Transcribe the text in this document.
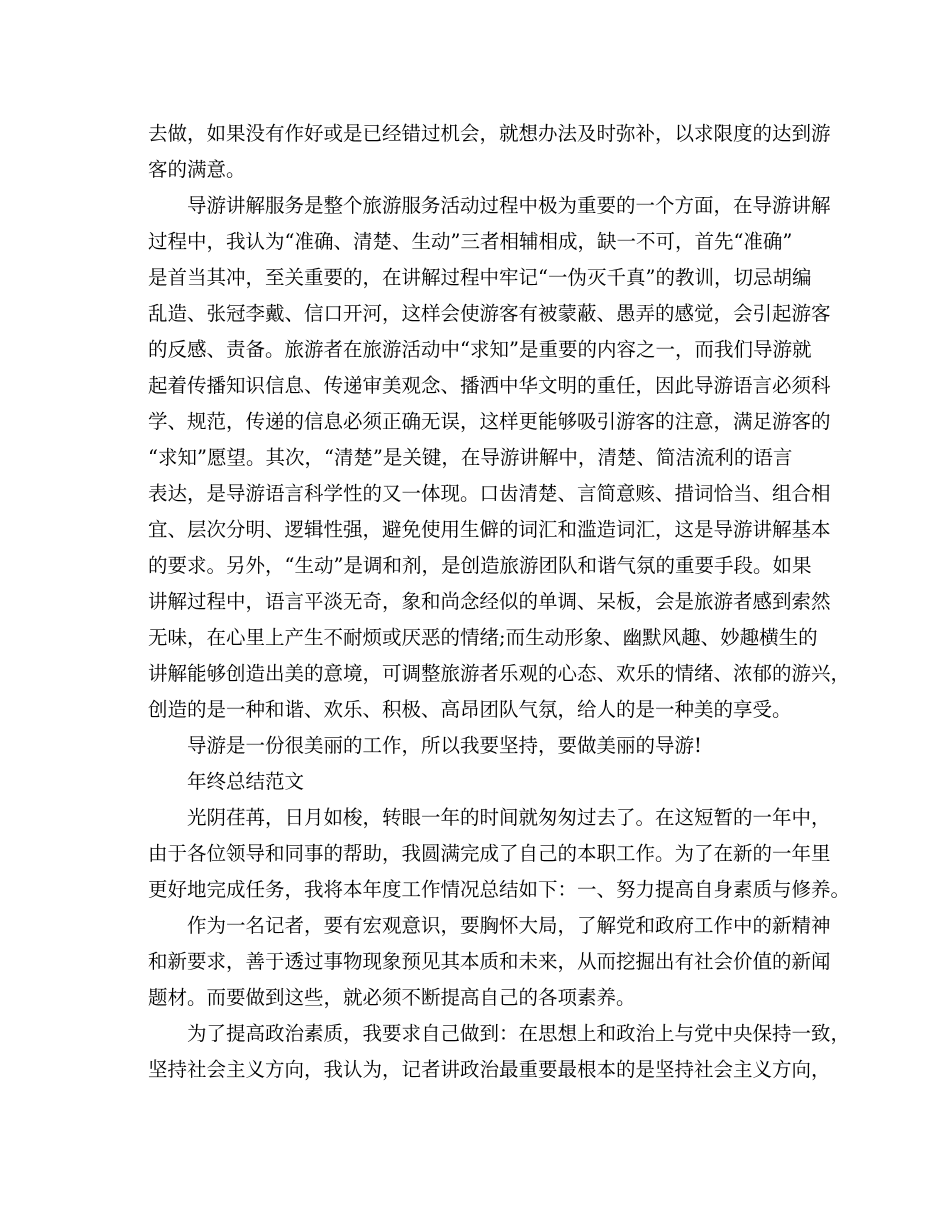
去做，如果没有作好或是已经错过机会，就想办法及时弥补，以求限度的达到游
客的满意。
导游讲解服务是整个旅游服务活动过程中极为重要的一个方面，在导游讲解
过程中，我认为“准确、清楚、生动”三者相辅相成，缺一不可，首先“准确”
是首当其冲，至关重要的，在讲解过程中牢记“一伪灭千真”的教训，切忌胡编
乱造、张冠李戴、信口开河，这样会使游客有被蒙蔽、愚弄的感觉，会引起游客
的反感、责备。旅游者在旅游活动中“求知”是重要的内容之一，而我们导游就
起着传播知识信息、传递审美观念、播洒中华文明的重任，因此导游语言必须科
学、规范，传递的信息必须正确无误，这样更能够吸引游客的注意，满足游客的
“求知”愿望。其次，“清楚”是关键，在导游讲解中，清楚、简洁流利的语言
表达，是导游语言科学性的又一体现。口齿清楚、言简意赅、措词恰当、组合相
宜、层次分明、逻辑性强，避免使用生僻的词汇和滥造词汇，这是导游讲解基本
的要求。另外，“生动”是调和剂，是创造旅游团队和谐气氛的重要手段。如果
讲解过程中，语言平淡无奇，象和尚念经似的单调、呆板，会是旅游者感到索然
无味，在心里上产生不耐烦或厌恶的情绪;而生动形象、幽默风趣、妙趣横生的
讲解能够创造出美的意境，可调整旅游者乐观的心态、欢乐的情绪、浓郁的游兴，
创造的是一种和谐、欢乐、积极、高昂团队气氛，给人的是一种美的享受。
导游是一份很美丽的工作，所以我要坚持，要做美丽的导游!
年终总结范文
光阴荏苒，日月如梭，转眼一年的时间就匆匆过去了。在这短暂的一年中，
由于各位领导和同事的帮助，我圆满完成了自己的本职工作。为了在新的一年里
更好地完成任务，我将本年度工作情况总结如下：一、努力提高自身素质与修养。
作为一名记者，要有宏观意识，要胸怀大局，了解党和政府工作中的新精神
和新要求，善于透过事物现象预见其本质和未来，从而挖掘出有社会价值的新闻
题材。而要做到这些，就必须不断提高自己的各项素养。
为了提高政治素质，我要求自己做到：在思想上和政治上与党中央保持一致，
坚持社会主义方向，我认为，记者讲政治最重要最根本的是坚持社会主义方向，
